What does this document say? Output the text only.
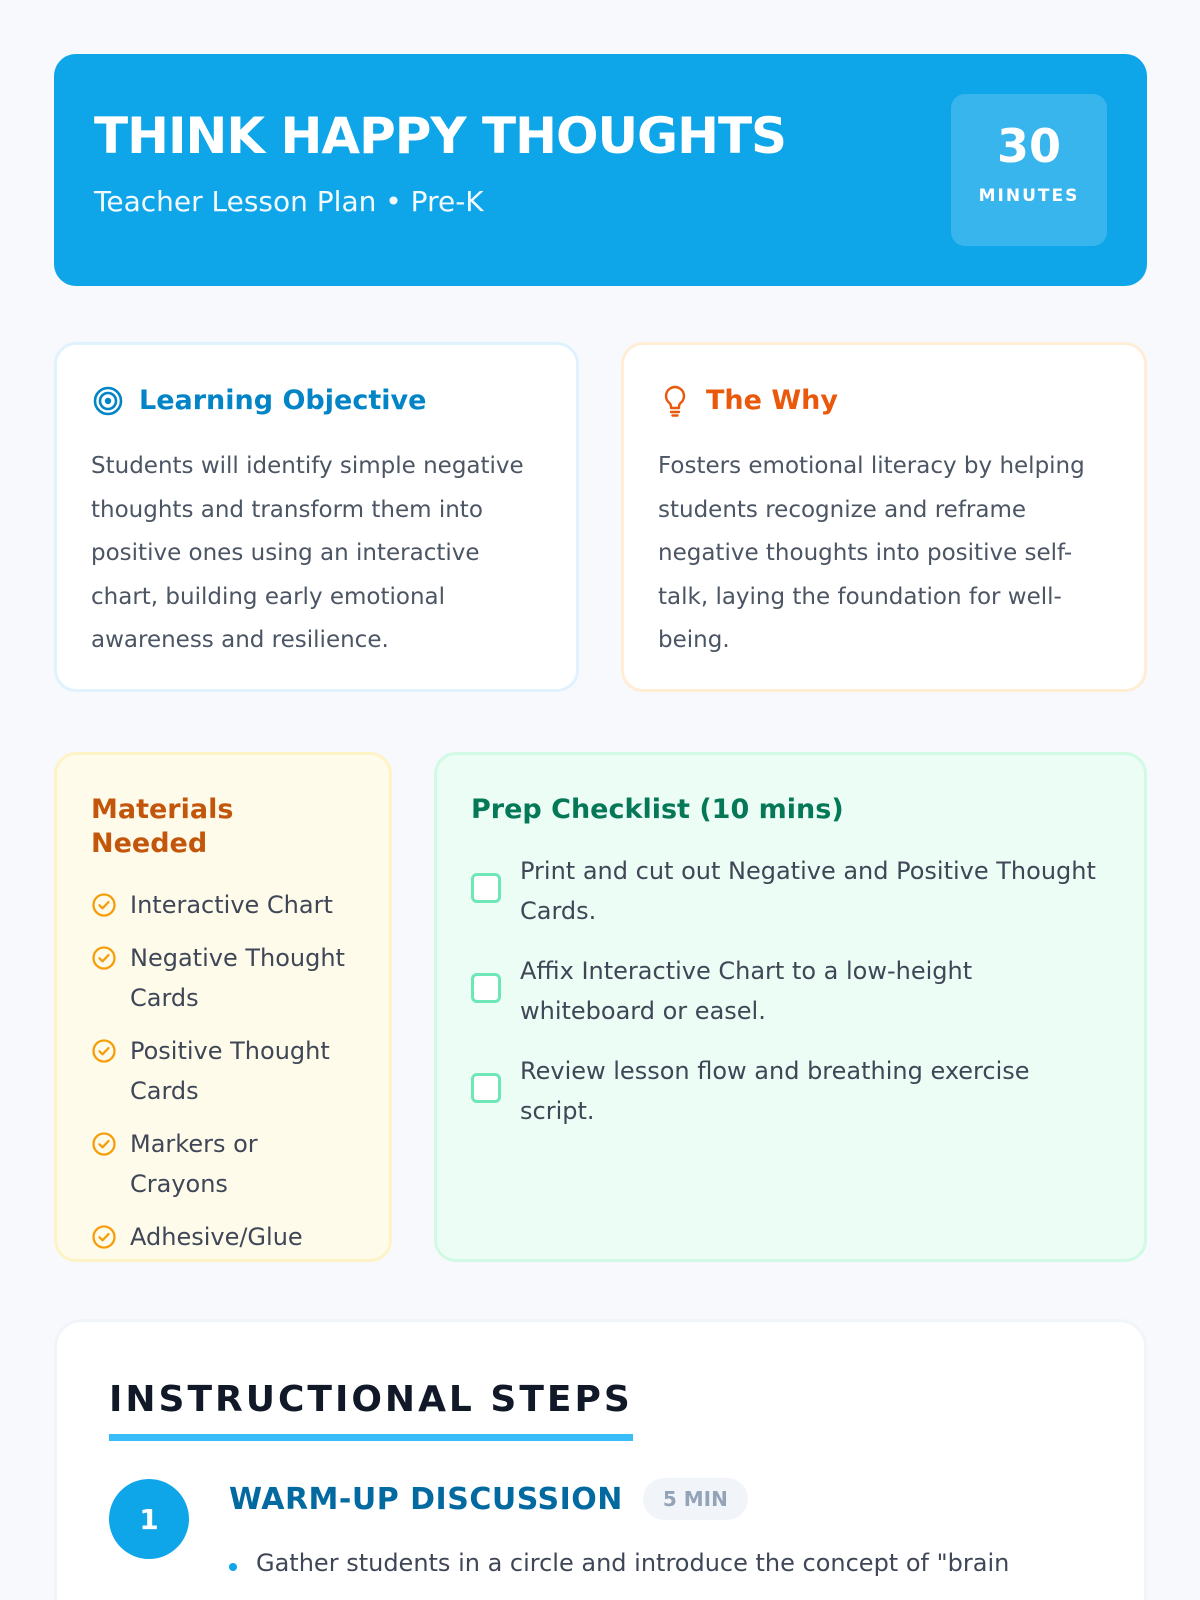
THINK HAPPY THOUGHTS
Teacher Lesson Plan • Pre-K
30
MINUTES
Learning Objective
Students will identify simple negative thoughts and transform them into positive ones using an interactive chart, building early emotional awareness and resilience.
The Why
Fosters emotional literacy by helping students recognize and reframe negative thoughts into positive self-talk, laying the foundation for well-being.
Materials Needed
Interactive Chart
Negative Thought Cards
Positive Thought Cards
Markers or Crayons
Adhesive/Glue
Prep Checklist (10 mins)
Print and cut out Negative and Positive Thought Cards.
Affix Interactive Chart to a low-height whiteboard or easel.
Review lesson flow and breathing exercise script.
INSTRUCTIONAL STEPS
1
WARM-UP DISCUSSION	5 MIN
Gather students in a circle and introduce the concept of "brain
